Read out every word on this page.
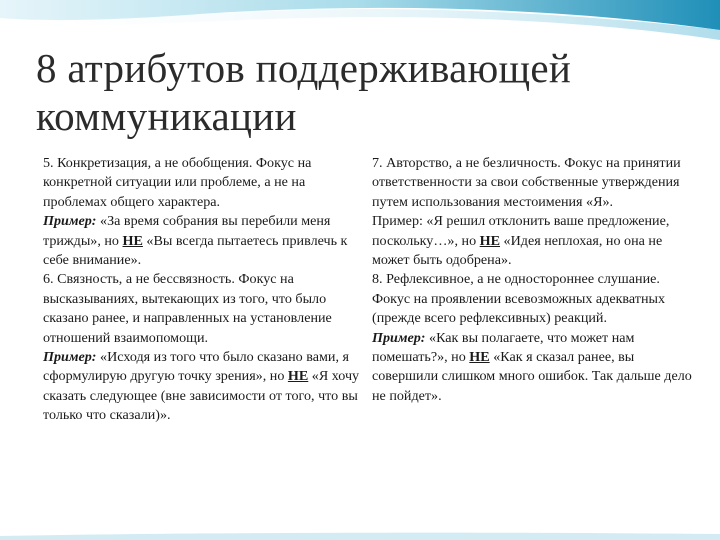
8 атрибутов поддерживающей
коммуникации

5. Конкретизация, а не обобщения. Фокус на конкретной ситуации или проблеме, а не на проблемах общего характера.

Пример: «За время собрания вы перебили меня трижды», но НЕ «Вы всегда пытаетесь привлечь к себе внимание».

6. Связность, а не бессвязность. Фокус на высказываниях, вытекающих из того, что было сказано ранее, и направленных на установление отношений взаимопомощи.

Пример: «Исходя из того что было сказано вами, я сформулирую другую точку зрения», но НЕ «Я хочу сказать следующее (вне зависимости от того, что вы только что сказали)».

7. Авторство, а не безличность. Фокус на принятии ответственности за свои собственные утверждения путем использования местоимения «Я».

Пример: «Я решил отклонить ваше предложение, поскольку…», но НЕ «Идея неплохая, но она не может быть одобрена».

8. Рефлексивное, а не одностороннее слушание. Фокус на проявлении всевозможных адекватных (прежде всего рефлексивных) реакций.

Пример: «Как вы полагаете, что может нам помешать?», но НЕ «Как я сказал ранее, вы совершили слишком много ошибок. Так дальше дело не пойдет».
